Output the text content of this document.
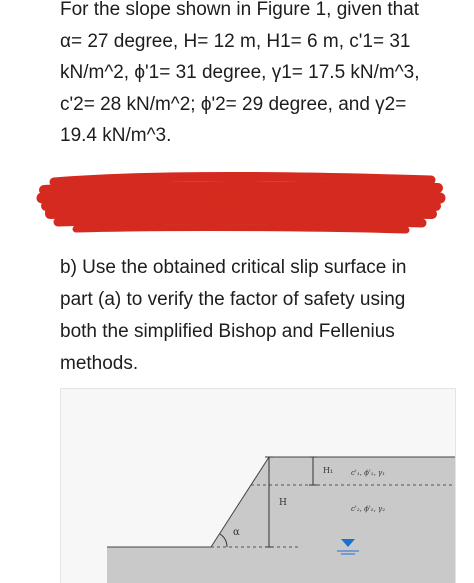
For the slope shown in Figure 1, given that
α= 27 degree, H= 12 m, H1= 6 m, c'1= 31
kN/m^2, ϕ'1= 31 degree, γ1= 17.5 kN/m^3,
c'2= 28 kN/m^2; ϕ'2= 29 degree, and γ2=
19.4 kN/m^3.
b) Use the obtained critical slip surface in
part (a) to verify the factor of safety using
both the simplified Bishop and Fellenius
methods.
H₁
H
α
c'₁, ϕ'₁, γ₁
c'₂, ϕ'₂, γ₂
